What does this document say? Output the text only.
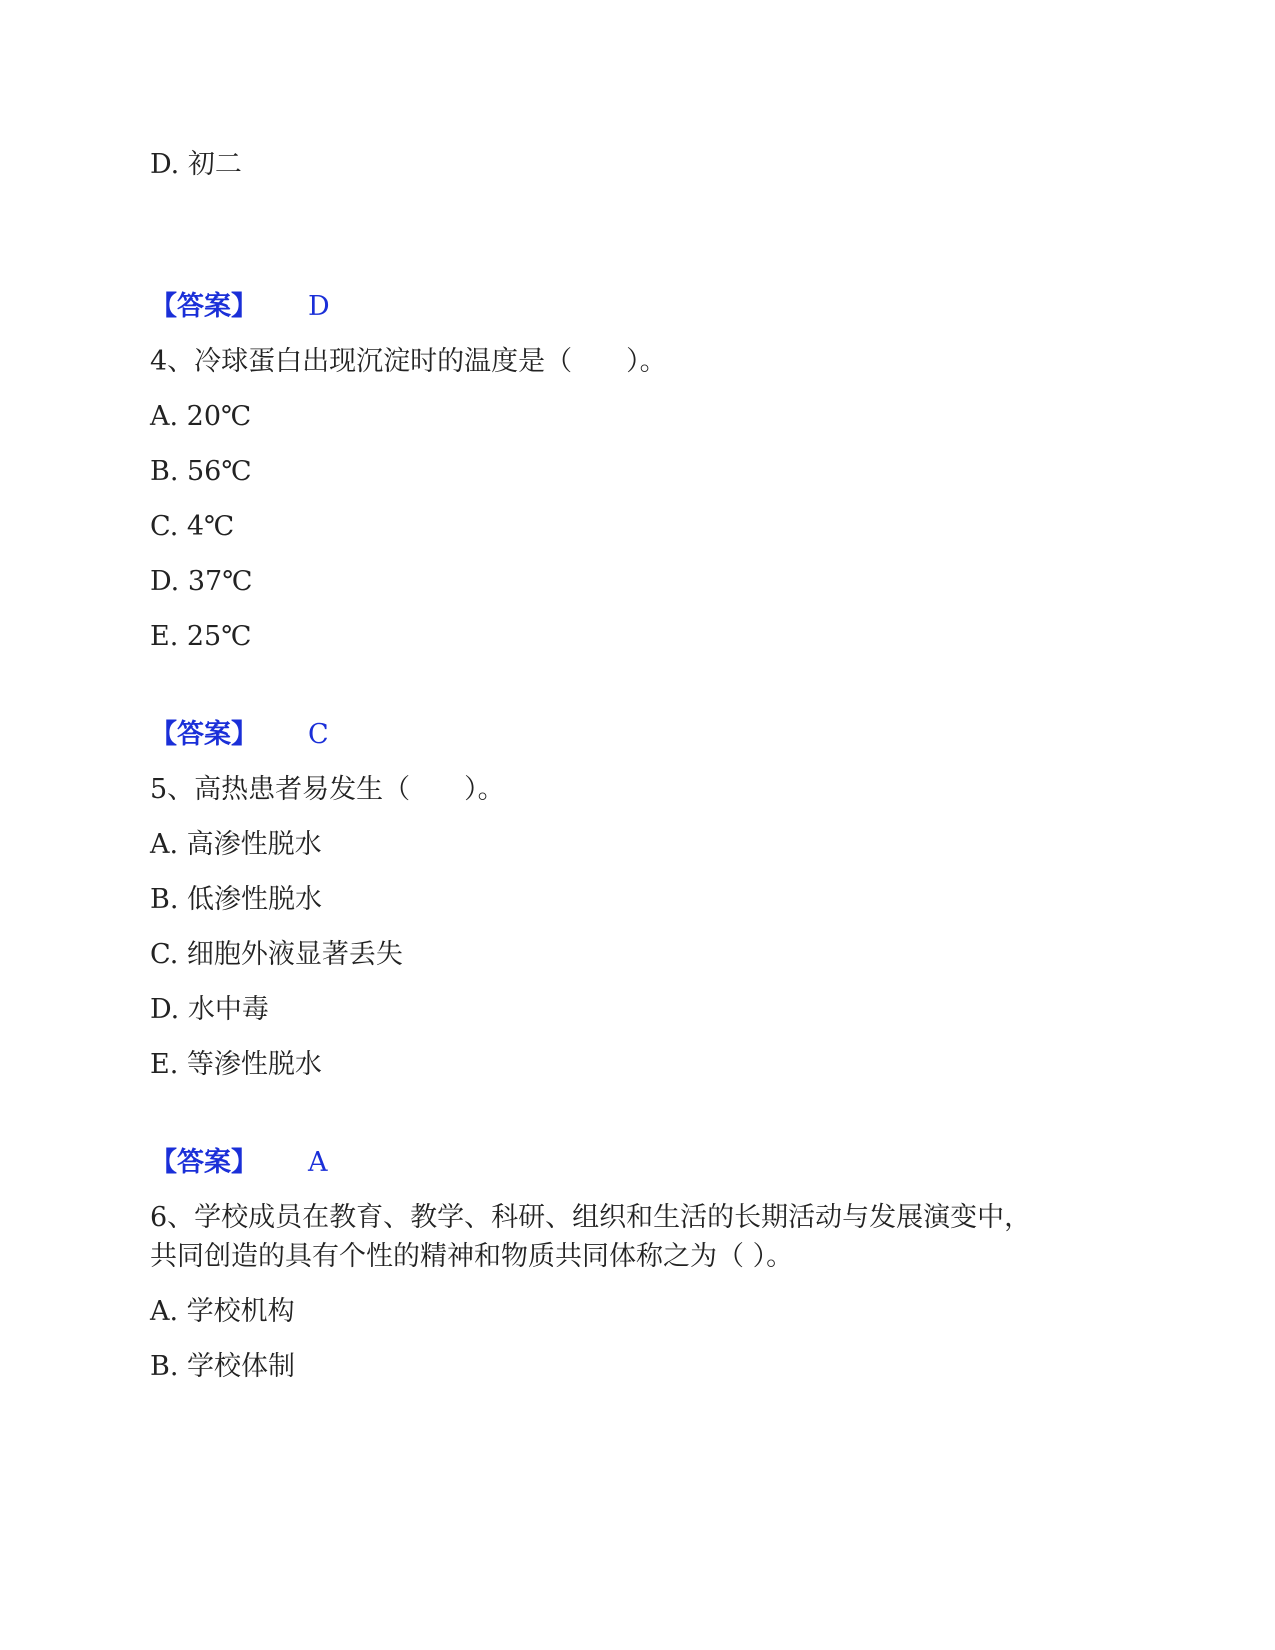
D. 初二
【答案】 D
4、冷球蛋白出现沉淀时的温度是（　　）。
A. 20℃
B. 56℃
C. 4℃
D. 37℃
E. 25℃
【答案】 C
5、高热患者易发生（　　）。
A. 高渗性脱水
B. 低渗性脱水
C. 细胞外液显著丢失
D. 水中毒
E. 等渗性脱水
【答案】 A
6、学校成员在教育、教学、科研、组织和生活的长期活动与发展演变中，
共同创造的具有个性的精神和物质共同体称之为（ ）。
A. 学校机构
B. 学校体制
